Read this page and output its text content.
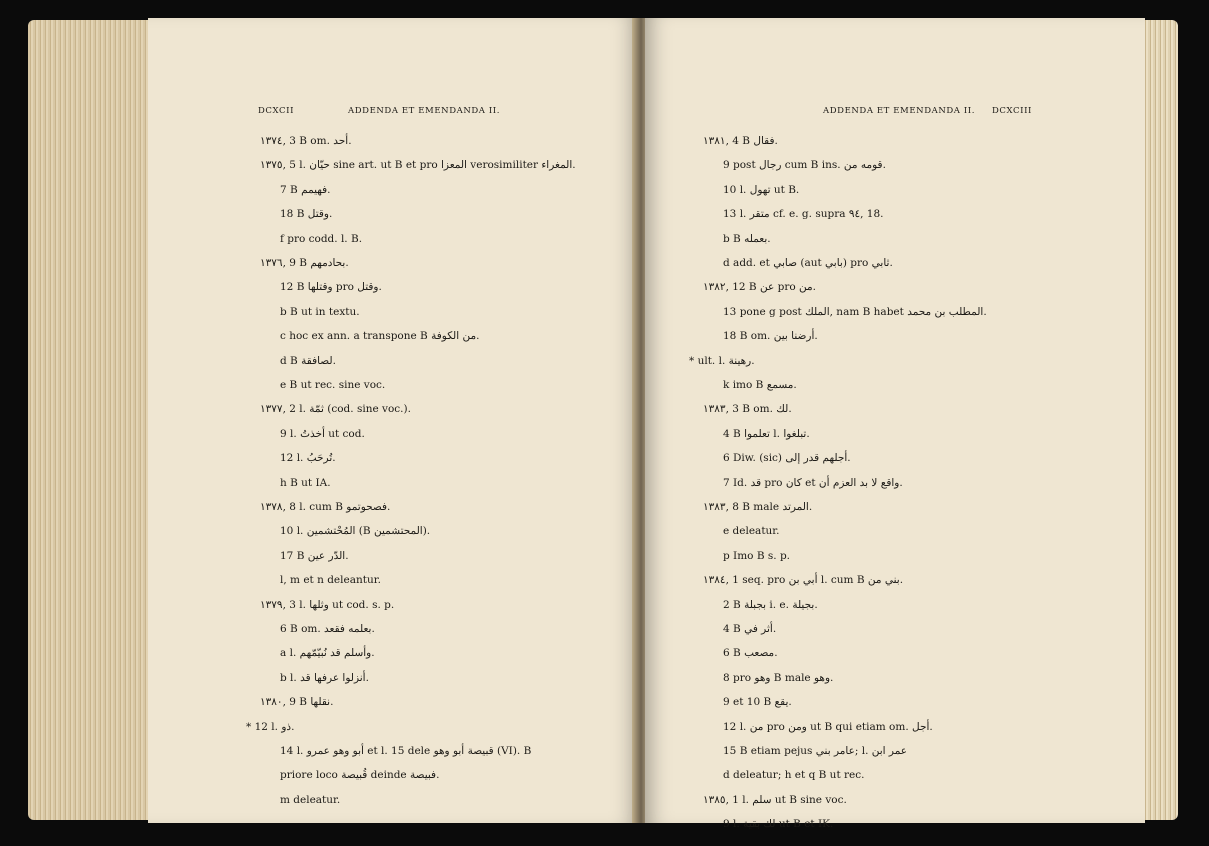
DCXCII	ADDENDA ET EMENDANDA II.
١٣٧٤, 3 B om. أحد.
١٣٧٥, 5 l. حيّان sine art. ut B et pro المعزا verosimiliter المغراء.
7 B فهيمم.
18 B وقتل.
f pro codd. l. B.
١٣٧٦, 9 B بحادمهم.
12 B وقتلها pro وقتل.
b B ut in textu.
c hoc ex ann. a transpone B من الكوفة.
d B لصافقة.
e B ut rec. sine voc.
١٣٧٧, 2 l. ثمّة (cod. sine voc.).
9 l. أخذتُ ut cod.
12 l. تُرحَبُ.
h B ut IA.
١٣٧٨, 8 l. cum B فصحوتمو.
10 l. المُحْتشمين (B المحتشمين).
17 B الدّر عين.
l, m et n deleantur.
١٣٧٩, 3 l. وثلها ut cod. s. p.
6 B om. بعلمه فقعد.
a l. وأسلم قد نُبيّمّهم.
b l. أنزلوا عرفها قد.
١٣٨٠, 9 B نقلها.
* 12 l. ذو.
14 l. أبو وهو عمرو et l. 15 dele قبيصة أبو وهو (VI). B
priore loco قُبيصة deinde فبيصة.
m deleatur.
ADDENDA ET EMENDANDA II. DCXCIII
١٣٨١, 4 B فقال.
9 post رجال cum B ins. قومه من.
10 l. تهول ut B.
13 l. متقر cf. e. g. supra ٩٤, 18.
b B بعمله.
d add. et صابي (aut بابي) pro ثابي.
١٣٨٢, 12 B عن pro من.
13 pone g post الملك, nam B habet المطلب بن محمد.
18 B om. أرضنا بين.
* ult. l. رهينة.
k imo B مسمع.
١٣٨٣, 3 B om. لك.
4 B تعلموا l. تبلغوا.
6 Diw. (sic) أجلهم قدر إلى.
7 Id. قد pro كان et واقع لا بد العزم أن.
١٣٨٣, 8 B male المرتد.
e deleatur.
p Imo B s. p.
١٣٨٤, 1 seq. pro أبي بن l. cum B بني من.
2 B بجبلة i. e. بجيلة.
4 B أثر في.
6 B مصعب.
8 pro وهو B male وهو.
9 et 10 B يقع.
12 l. من pro ومن ut B qui etiam om. أجل.
15 B etiam pejus عامر بني; l. عمر ابن
d deleatur; h et q B ut rec.
١٣٨٥, 1 l. سلم ut B sine voc.
9 l. لك بقية ut B et IK.
